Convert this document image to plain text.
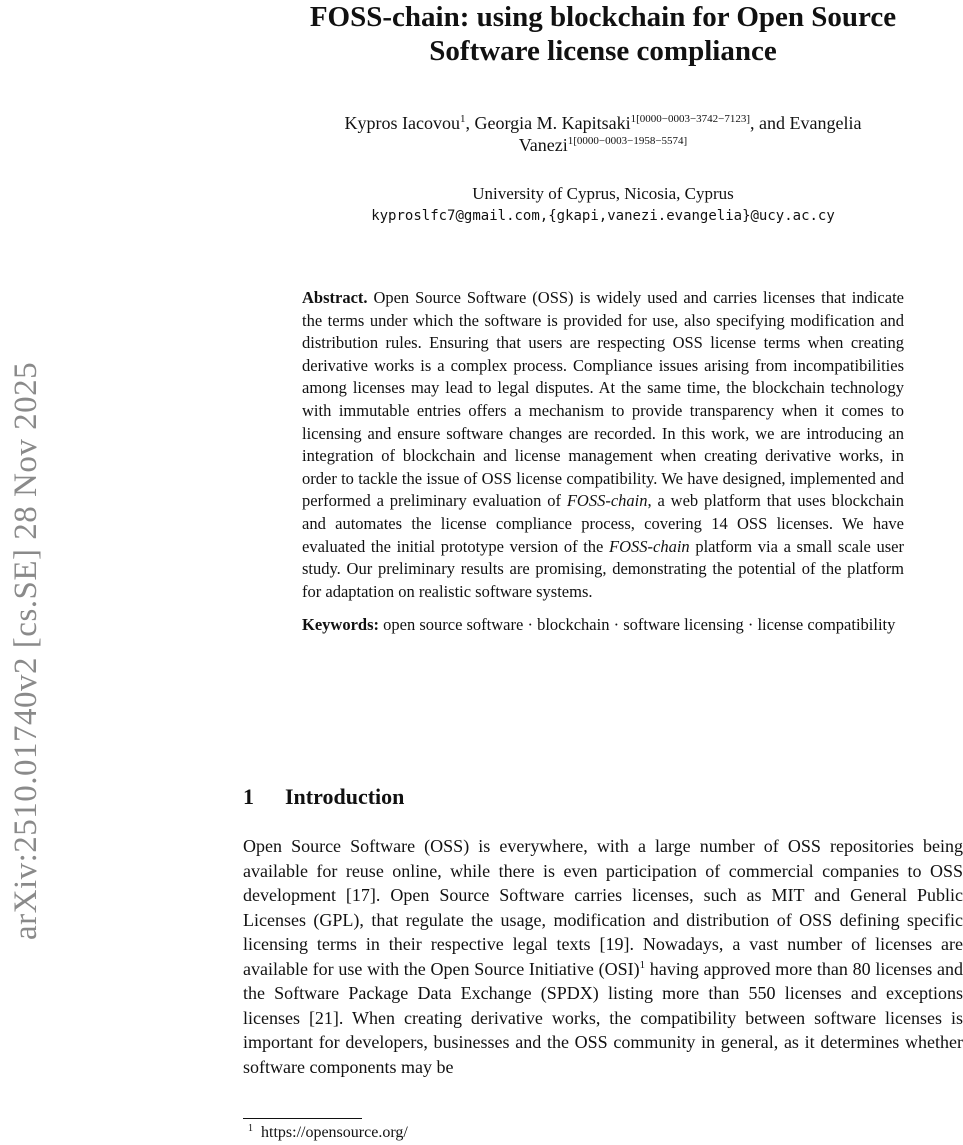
arXiv:2510.01740v2 [cs.SE] 28 Nov 2025
FOSS-chain: using blockchain for Open Source
Software license compliance
Kypros Iacovou$^1$, Georgia M. Kapitsaki$^{1[0000-0003-3742-7123]}$, and Evangelia
Vanezi$^{1[0000-0003-1958-5574]}$
University of Cyprus, Nicosia, Cyprus
kyproslfc7@gmail.com,{gkapi,vanezi.evangelia}@ucy.ac.cy

Abstract. Open Source Software (OSS) is widely used and carries licenses that indicate the terms under which the software is provided for use, also specifying modification and distribution rules. Ensuring that users are respecting OSS license terms when creating derivative works is a complex process. Compliance issues arising from incompatibilities among licenses may lead to legal disputes. At the same time, the blockchain technology with immutable entries offers a mechanism to provide transparency when it comes to licensing and ensure software changes are recorded. In this work, we are introducing an integration of blockchain and license management when creating derivative works, in order to tackle the issue of OSS license compatibility. We have designed, implemented and performed a preliminary evaluation of FOSS-chain, a web platform that uses blockchain and automates the license compliance process, covering 14 OSS licenses. We have evaluated the initial prototype version of the FOSS-chain platform via a small scale user study. Our preliminary results are promising, demonstrating the potential of the platform for adaptation on realistic software systems.

Keywords: open source software · blockchain · software licensing · license compatibility

1 Introduction

Open Source Software (OSS) is everywhere, with a large number of OSS repositories being available for reuse online, while there is even participation of commercial companies to OSS development [17]. Open Source Software carries licenses, such as MIT and General Public Licenses (GPL), that regulate the usage, modification and distribution of OSS defining specific licensing terms in their respective legal texts [19]. Nowadays, a vast number of licenses are available for use with the Open Source Initiative (OSI)$^1$ having approved more than 80 licenses and the Software Package Data Exchange (SPDX) listing more than 550 licenses and exceptions licenses [21]. When creating derivative works, the compatibility between software licenses is important for developers, businesses and the OSS community in general, as it determines whether software components may be

$^1$ https://opensource.org/
